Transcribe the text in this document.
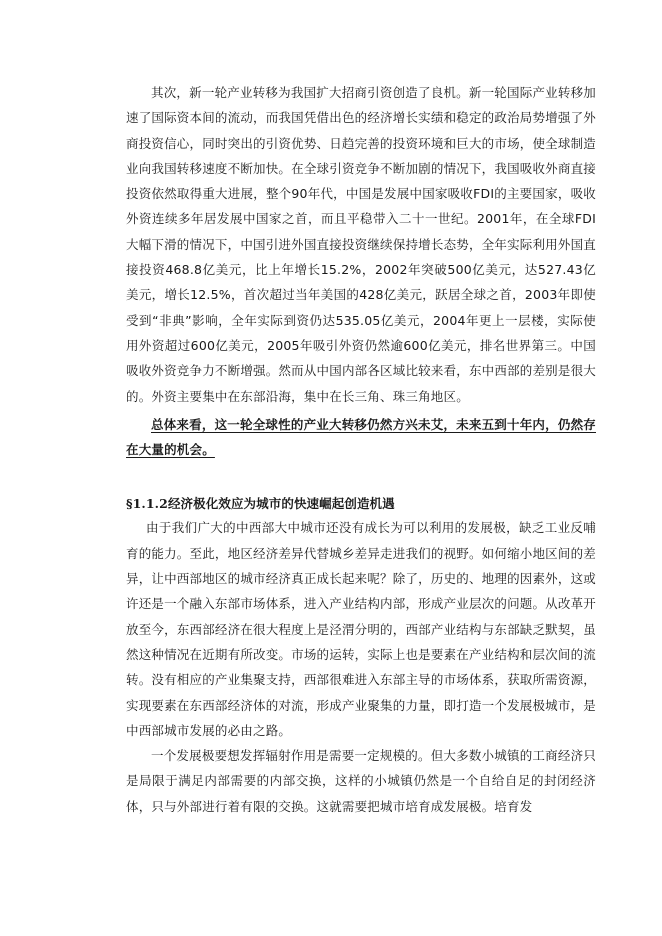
其次，新一轮产业转移为我国扩大招商引资创造了良机。新一轮国际产业转移加速了国际资本间的流动，而我国凭借出色的经济增长实绩和稳定的政治局势增强了外商投资信心，同时突出的引资优势、日趋完善的投资环境和巨大的市场，使全球制造业向我国转移速度不断加快。在全球引资竞争不断加剧的情况下，我国吸收外商直接投资依然取得重大进展，整个90年代，中国是发展中国家吸收FDI的主要国家，吸收外资连续多年居发展中国家之首，而且平稳带入二十一世纪。2001年，在全球FDI大幅下滑的情况下，中国引进外国直接投资继续保持增长态势，全年实际利用外国直接投资468.8亿美元，比上年增长15.2%，2002年突破500亿美元，达527.43亿美元，增长12.5%，首次超过当年美国的428亿美元，跃居全球之首，2003年即使受到“非典”影响，全年实际到资仍达535.05亿美元，2004年更上一层楼，实际使用外资超过600亿美元，2005年吸引外资仍然逾600亿美元，排名世界第三。中国吸收外资竞争力不断增强。然而从中国内部各区域比较来看，东中西部的差别是很大的。外资主要集中在东部沿海，集中在长三角、珠三角地区。

总体来看，这一轮全球性的产业大转移仍然方兴未艾，未来五到十年内，仍然存在大量的机会。

§1.1.2经济极化效应为城市的快速崛起创造机遇

由于我们广大的中西部大中城市还没有成长为可以利用的发展极，缺乏工业反哺育的能力。至此，地区经济差异代替城乡差异走进我们的视野。如何缩小地区间的差异，让中西部地区的城市经济真正成长起来呢？除了，历史的、地理的因素外，这或许还是一个融入东部市场体系，进入产业结构内部，形成产业层次的问题。从改革开放至今，东西部经济在很大程度上是泾渭分明的，西部产业结构与东部缺乏默契，虽然这种情况在近期有所改变。市场的运转，实际上也是要素在产业结构和层次间的流转。没有相应的产业集聚支持，西部很难进入东部主导的市场体系，获取所需资源，实现要素在东西部经济体的对流，形成产业聚集的力量，即打造一个发展极城市，是中西部城市发展的必由之路。

一个发展极要想发挥辐射作用是需要一定规模的。但大多数小城镇的工商经济只是局限于满足内部需要的内部交换，这样的小城镇仍然是一个自给自足的封闭经济体，只与外部进行着有限的交换。这就需要把城市培育成发展极。培育发
